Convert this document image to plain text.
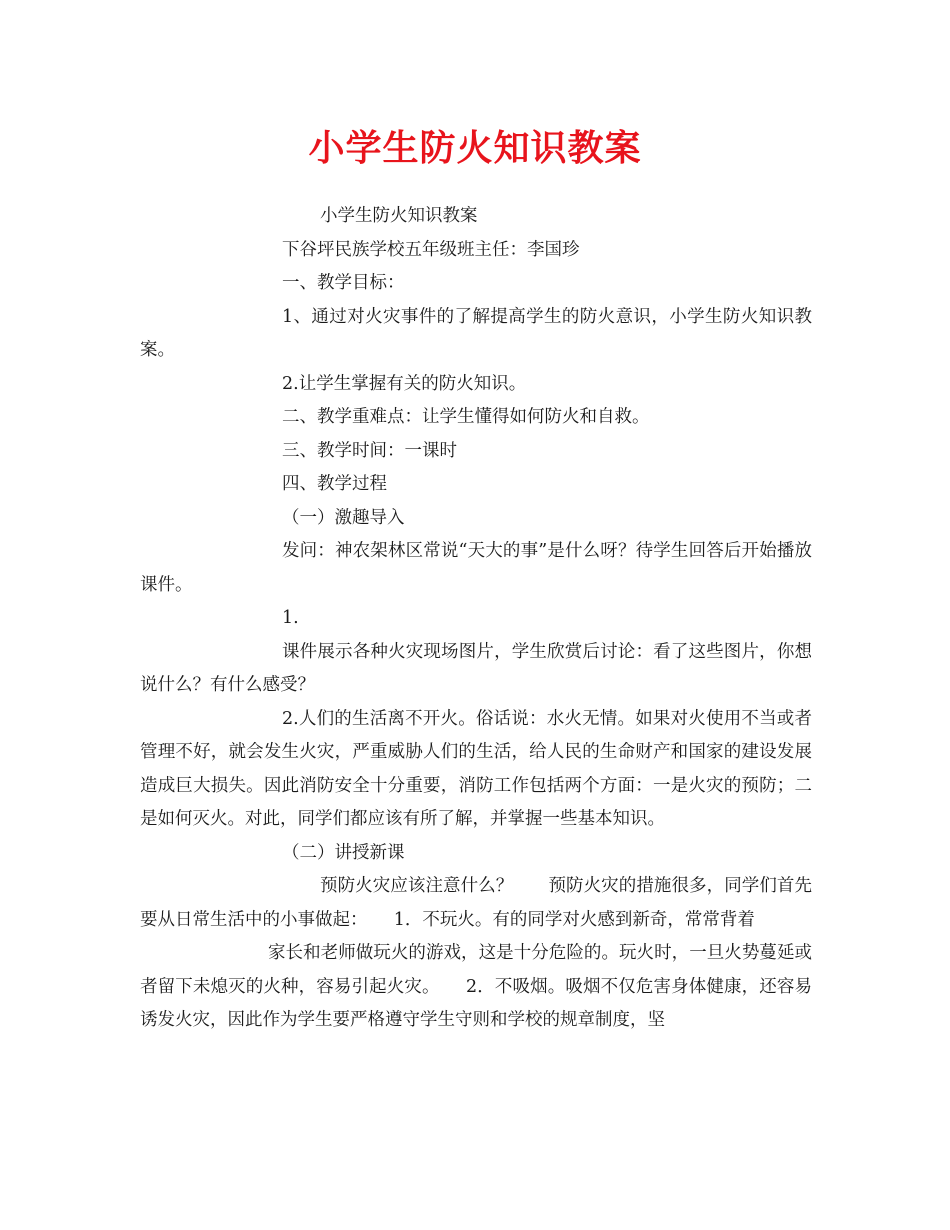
小学生防火知识教案

小学生防火知识教案

下谷坪民族学校五年级班主任：李国珍

一、教学目标：

1、通过对火灾事件的了解提高学生的防火意识，小学生防火知识教案。

2.让学生掌握有关的防火知识。

二、教学重难点：让学生懂得如何防火和自救。

三、教学时间：一课时

四、教学过程

（一）激趣导入

发问：神农架林区常说“天大的事”是什么呀？待学生回答后开始播放课件。

1.

课件展示各种火灾现场图片，学生欣赏后讨论：看了这些图片，你想说什么？有什么感受？

2.人们的生活离不开火。俗话说：水火无情。如果对火使用不当或者管理不好，就会发生火灾，严重威胁人们的生活，给人民的生命财产和国家的建设发展造成巨大损失。因此消防安全十分重要，消防工作包括两个方面：一是火灾的预防；二是如何灭火。对此，同学们都应该有所了解，并掌握一些基本知识。

（二）讲授新课

预防火灾应该注意什么？　　预防火灾的措施很多，同学们首先要从日常生活中的小事做起：　　1．不玩火。有的同学对火感到新奇，常常背着

家长和老师做玩火的游戏，这是十分危险的。玩火时，一旦火势蔓延或者留下未熄灭的火种，容易引起火灾。　　2．不吸烟。吸烟不仅危害身体健康，还容易诱发火灾，因此作为学生要严格遵守学生守则和学校的规章制度，坚
